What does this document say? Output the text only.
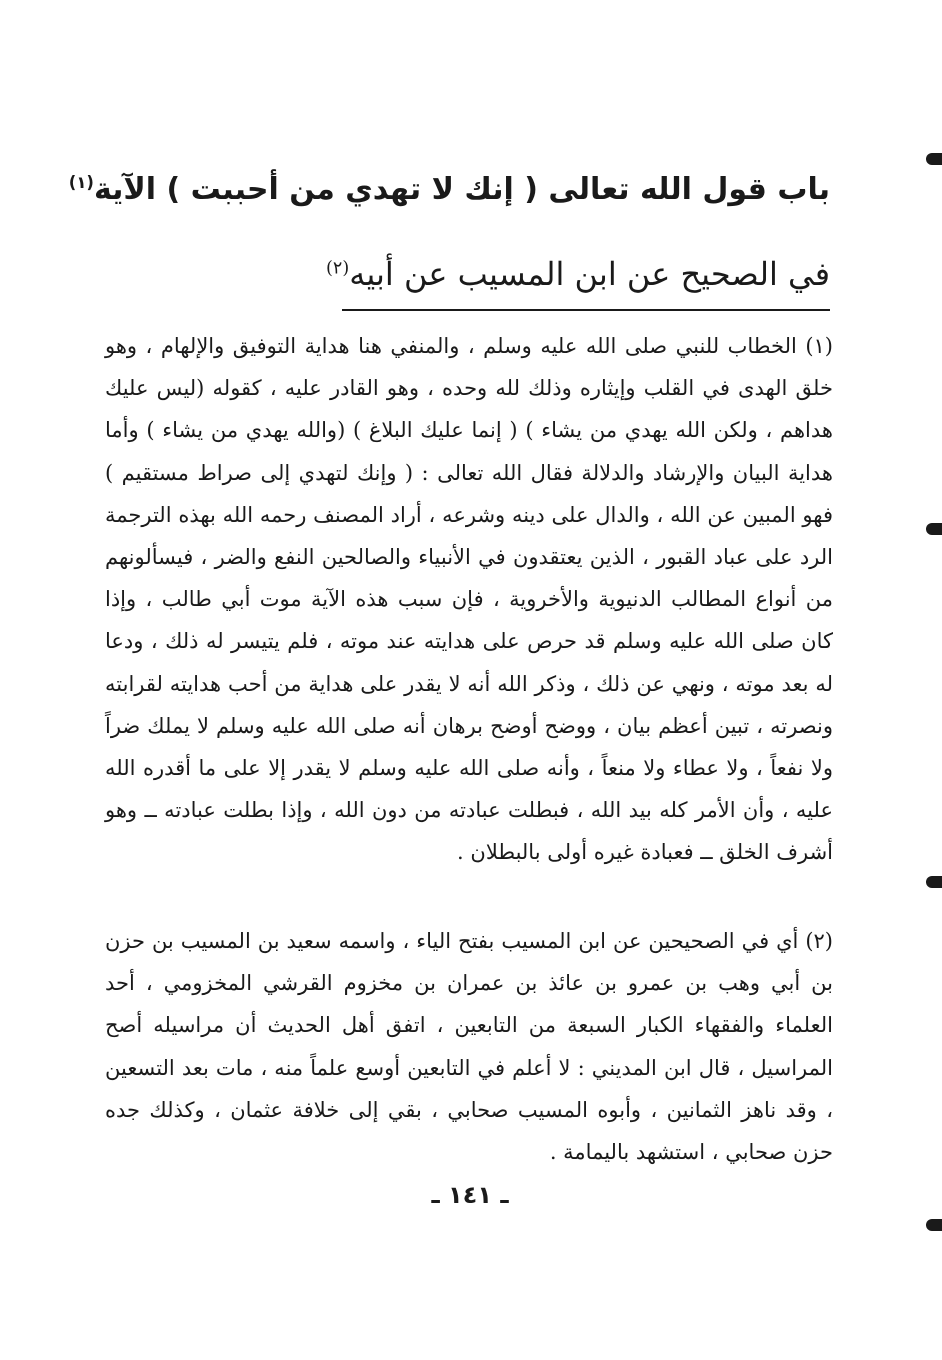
باب قول الله تعالى ( إنك لا تهدي من أحببت ) الآية$^{(١)}$
في الصحيح عن ابن المسيب عن أبيه$^{(٢)}$
(١) الخطاب للنبي صلى الله عليه وسلم ، والمنفي هنا هداية التوفيق والإلهام ، وهو خلق الهدى في القلب وإيثاره وذلك لله وحده ، وهو القادر عليه ، كقوله (ليس عليك هداهم ، ولكن الله يهدي من يشاء ) ( إنما عليك البلاغ ) (والله يهدي من يشاء ) وأما هداية البيان والإرشاد والدلالة فقال الله تعالى : ( وإنك لتهدي إلى صراط مستقيم ) فهو المبين عن الله ، والدال على دينه وشرعه ، أراد المصنف رحمه الله بهذه الترجمة الرد على عباد القبور ، الذين يعتقدون في الأنبياء والصالحين النفع والضر ، فيسألونهم من أنواع المطالب الدنيوية والأخروية ، فإن سبب هذه الآية موت أبي طالب ، وإذا كان صلى الله عليه وسلم قد حرص على هدايته عند موته ، فلم يتيسر له ذلك ، ودعا له بعد موته ، ونهي عن ذلك ، وذكر الله أنه لا يقدر على هداية من أحب هدايته لقرابته ونصرته ، تبين أعظم بيان ، ووضح أوضح برهان أنه صلى الله عليه وسلم لا يملك ضراً ولا نفعاً ، ولا عطاء ولا منعاً ، وأنه صلى الله عليه وسلم لا يقدر إلا على ما أقدره الله عليه ، وأن الأمر كله بيد الله ، فبطلت عبادته من دون الله ، وإذا بطلت عبادته ــ وهو أشرف الخلق ــ فعبادة غيره أولى بالبطلان .
(٢) أي في الصحيحين عن ابن المسيب بفتح الياء ، واسمه سعيد بن المسيب بن حزن بن أبي وهب بن عمرو بن عائذ بن عمران بن مخزوم القرشي المخزومي ، أحد العلماء والفقهاء الكبار السبعة من التابعين ، اتفق أهل الحديث أن مراسيله أصح المراسيل ، قال ابن المديني : لا أعلم في التابعين أوسع علماً منه ، مات بعد التسعين ، وقد ناهز الثمانين ، وأبوه المسيب صحابي ، بقي إلى خلافة عثمان ، وكذلك جده حزن صحابي ، استشهد باليمامة .
ـ ١٤١ ـ
